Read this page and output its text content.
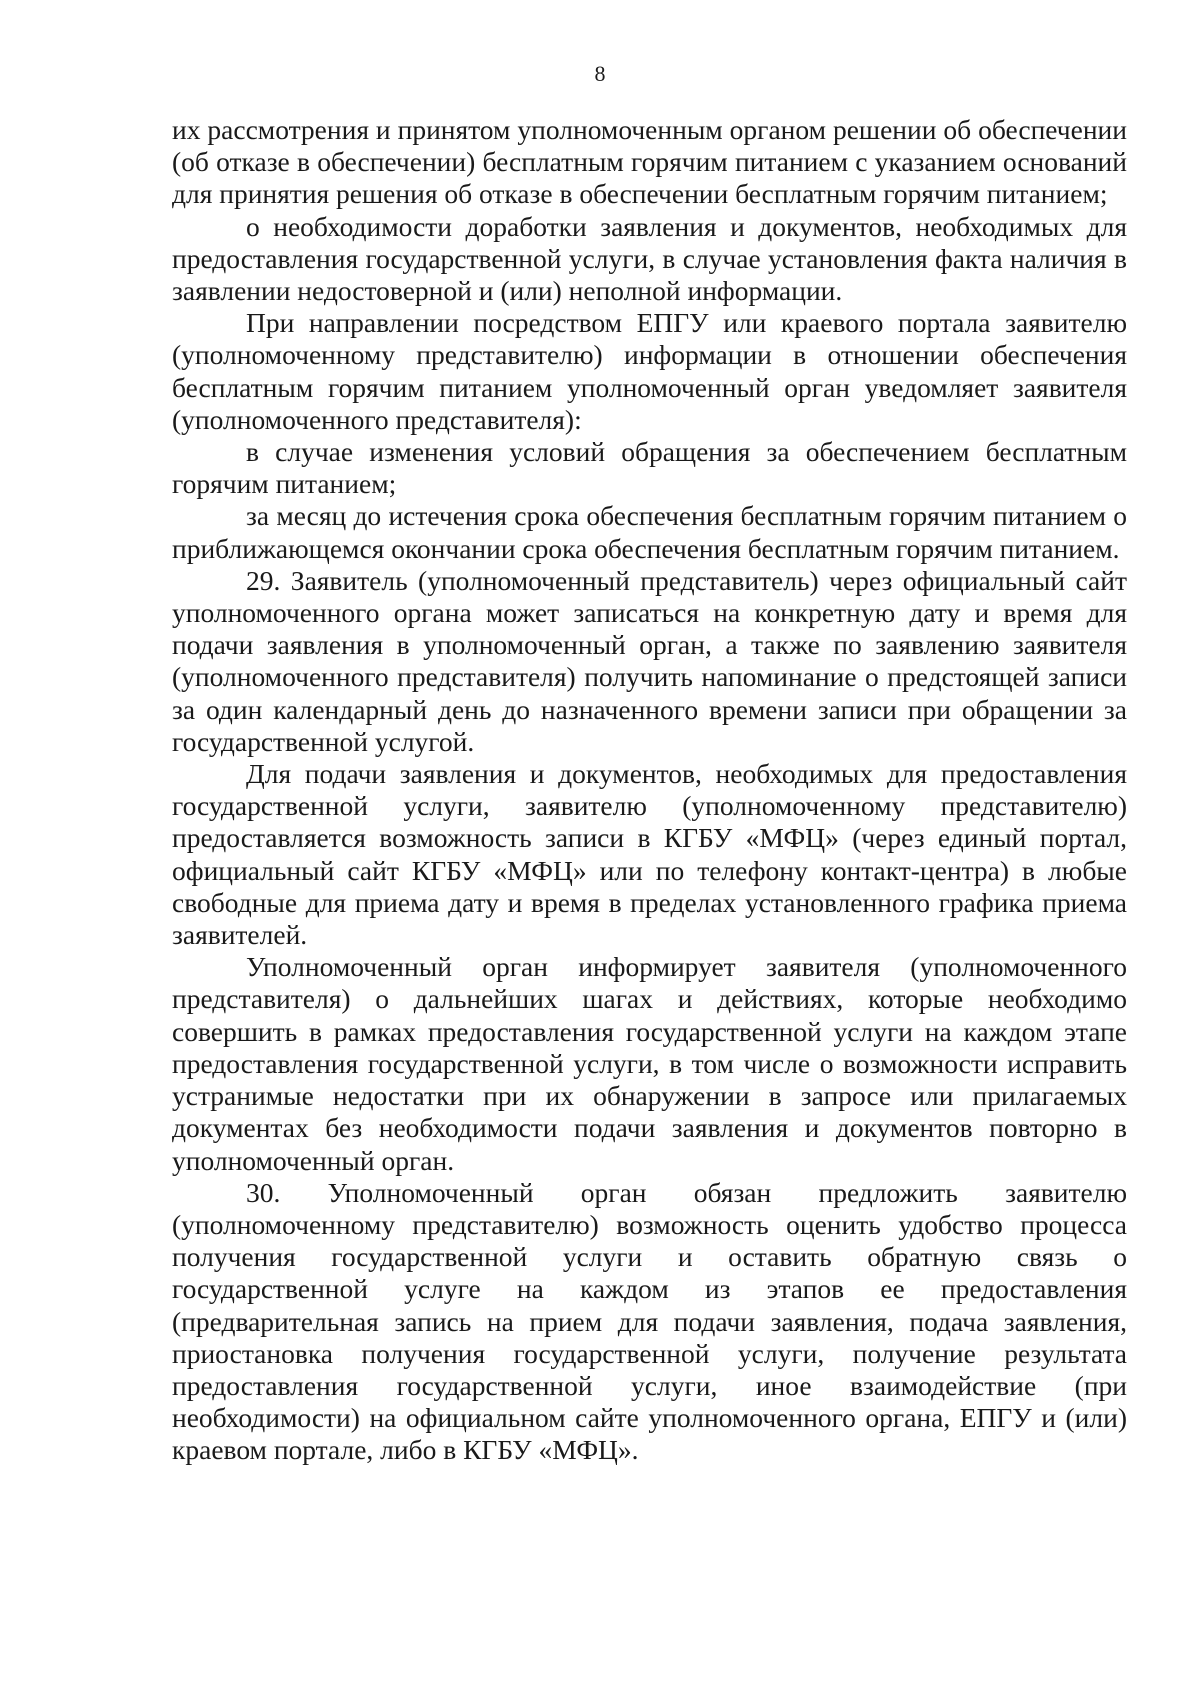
8

их рассмотрения и принятом уполномоченным органом решении об обеспечении (об отказе в обеспечении) бесплатным горячим питанием с указанием оснований для принятия решения об отказе в обеспечении бесплатным горячим питанием;

о необходимости доработки заявления и документов, необходимых для предоставления государственной услуги, в случае установления факта наличия в заявлении недостоверной и (или) неполной информации.

При направлении посредством ЕПГУ или краевого портала заявителю (уполномоченному представителю) информации в отношении обеспечения бесплатным горячим питанием уполномоченный орган уведомляет заявителя (уполномоченного представителя):

в случае изменения условий обращения за обеспечением бесплатным горячим питанием;

за месяц до истечения срока обеспечения бесплатным горячим питанием о приближающемся окончании срока обеспечения бесплатным горячим питанием.

29. Заявитель (уполномоченный представитель) через официальный сайт уполномоченного органа может записаться на конкретную дату и время для подачи заявления в уполномоченный орган, а также по заявлению заявителя (уполномоченного представителя) получить напоминание о предстоящей записи за один календарный день до назначенного времени записи при обращении за государственной услугой.

Для подачи заявления и документов, необходимых для предоставления государственной услуги, заявителю (уполномоченному представителю) предоставляется возможность записи в КГБУ «МФЦ» (через единый портал, официальный сайт КГБУ «МФЦ» или по телефону контакт-центра) в любые свободные для приема дату и время в пределах установленного графика приема заявителей.

Уполномоченный орган информирует заявителя (уполномоченного представителя) о дальнейших шагах и действиях, которые необходимо совершить в рамках предоставления государственной услуги на каждом этапе предоставления государственной услуги, в том числе о возможности исправить устранимые недостатки при их обнаружении в запросе или прилагаемых документах без необходимости подачи заявления и документов повторно в уполномоченный орган.

30. Уполномоченный орган обязан предложить заявителю (уполномоченному представителю) возможность оценить удобство процесса получения государственной услуги и оставить обратную связь о государственной услуге на каждом из этапов ее предоставления (предварительная запись на прием для подачи заявления, подача заявления, приостановка получения государственной услуги, получение результата предоставления государственной услуги, иное взаимодействие (при необходимости) на официальном сайте уполномоченного органа, ЕПГУ и (или) краевом портале, либо в КГБУ «МФЦ».
